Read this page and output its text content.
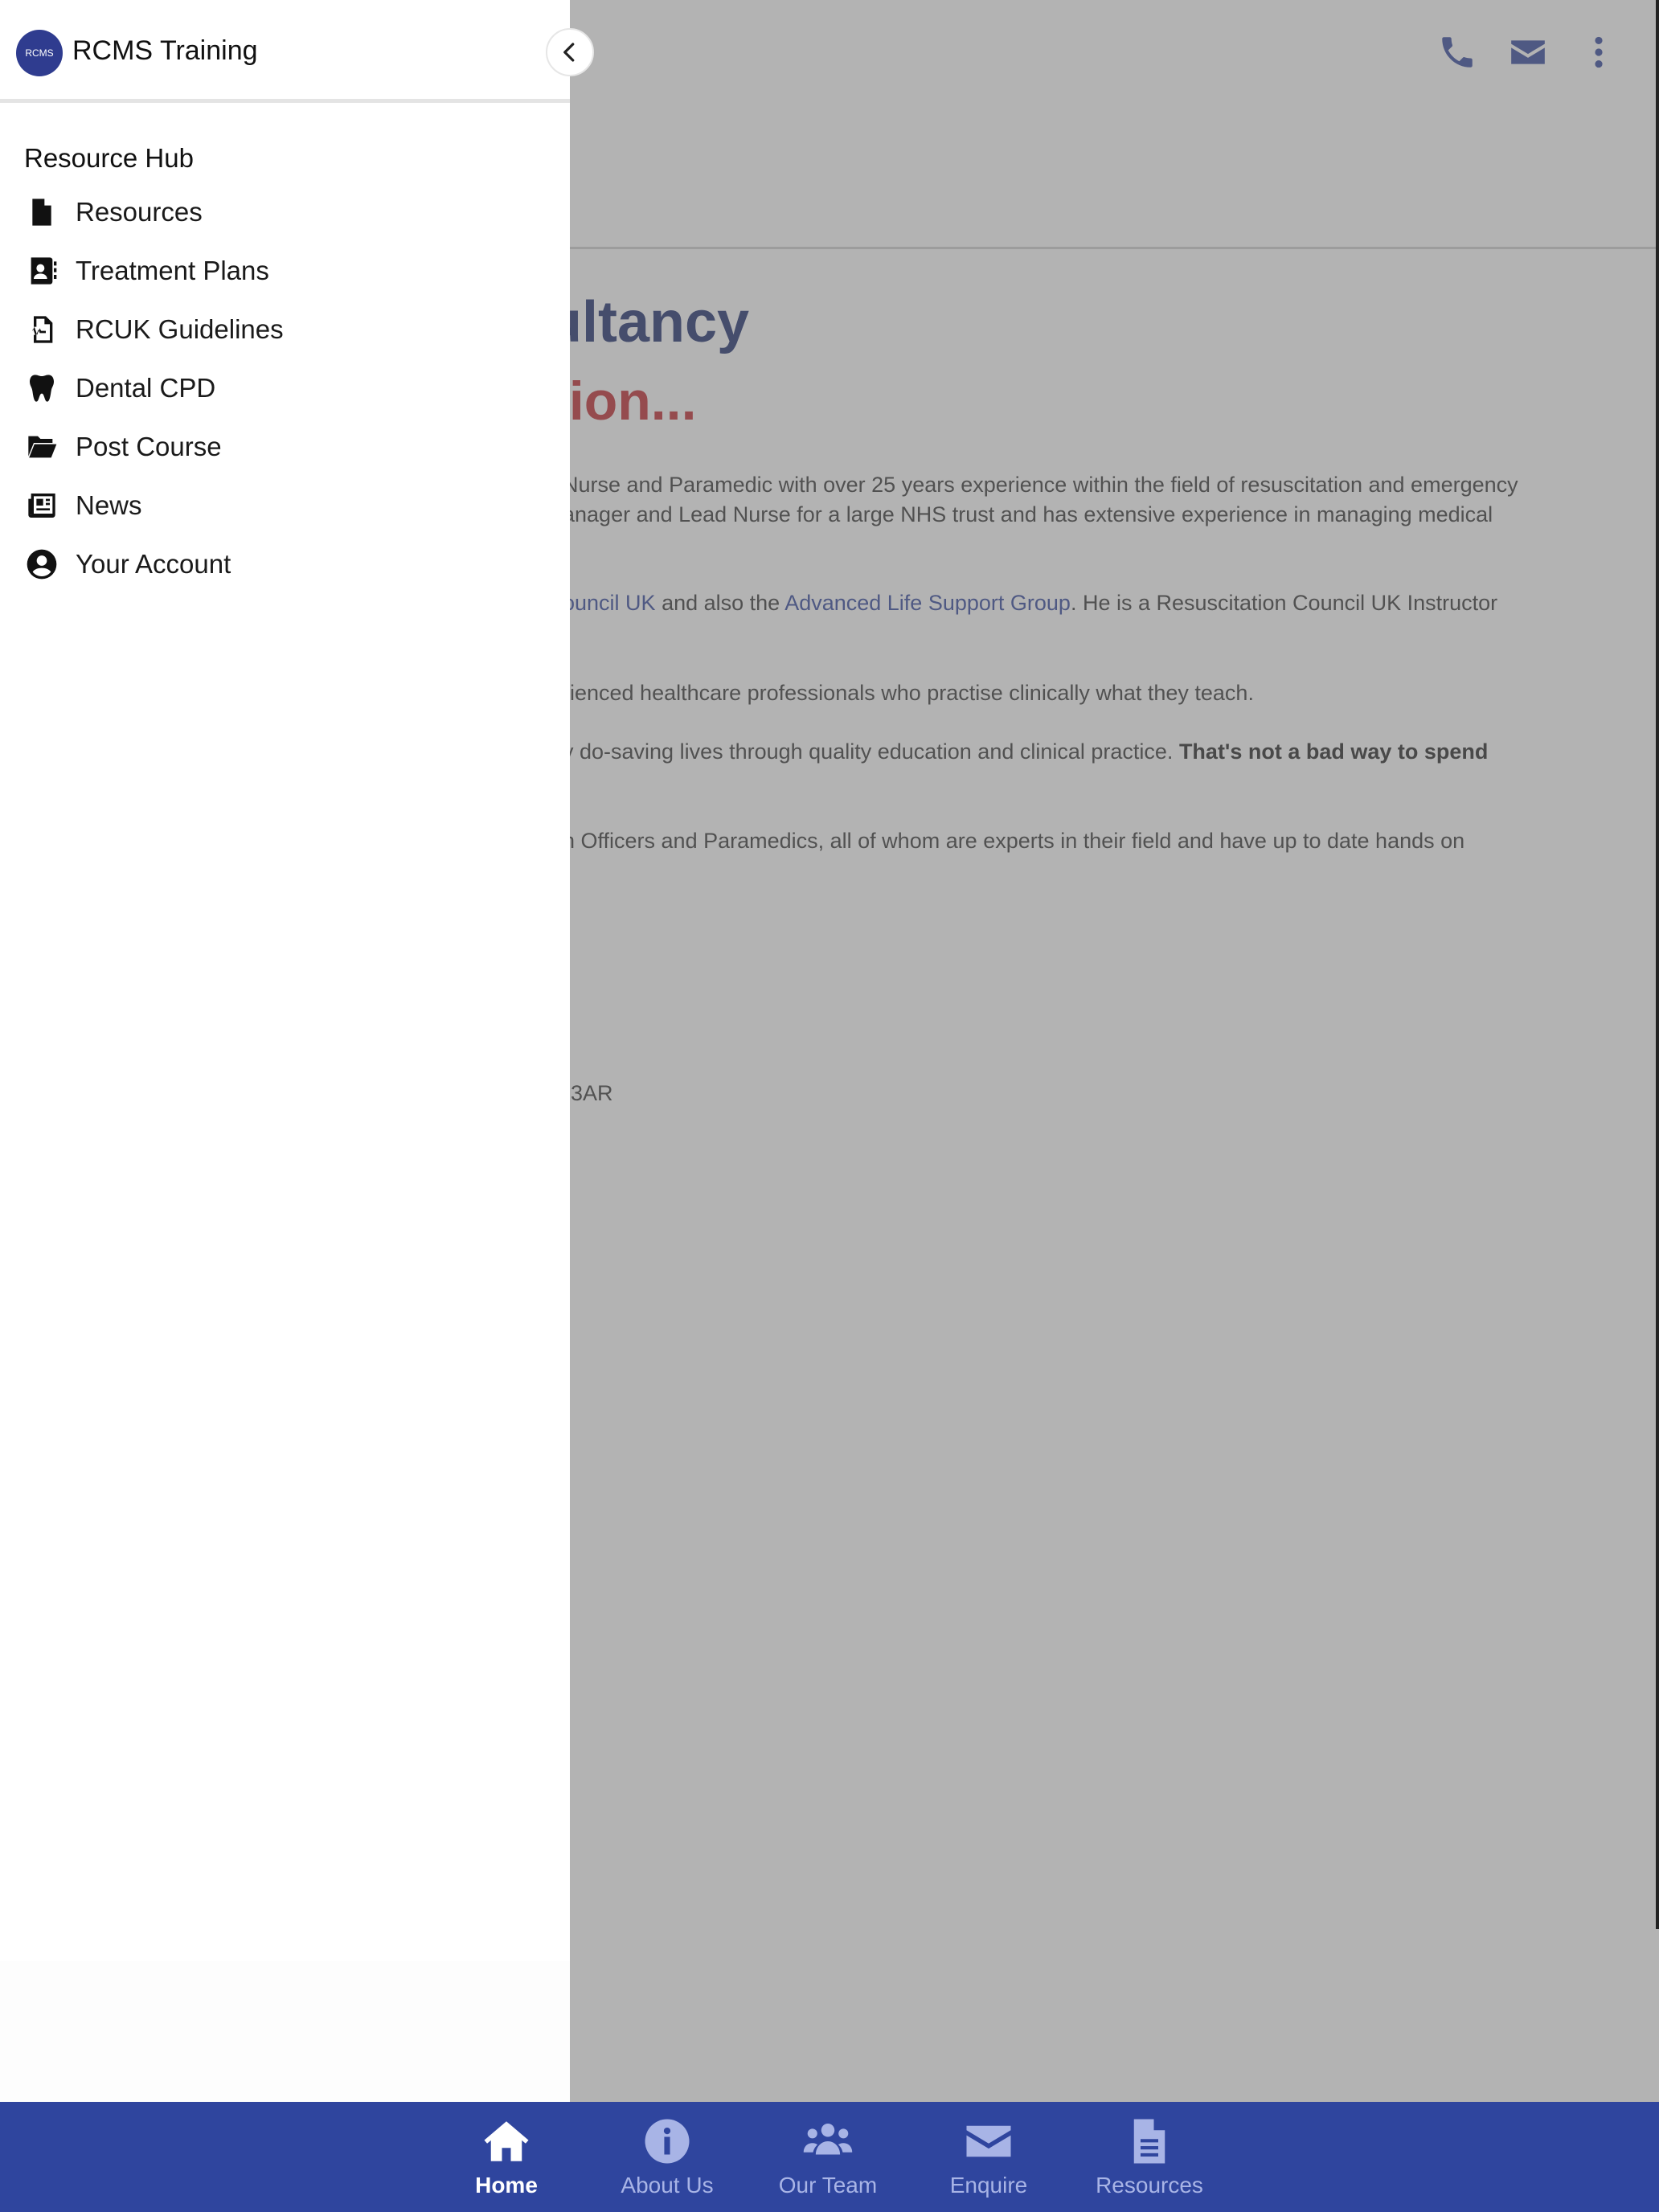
RCMS RCMS Training
Resource Hub
Resources
Treatment Plans
RCUK Guidelines
Dental CPD
Post Course
News
Your Account
Home	About Us	Our Team	Enquire	Resources
